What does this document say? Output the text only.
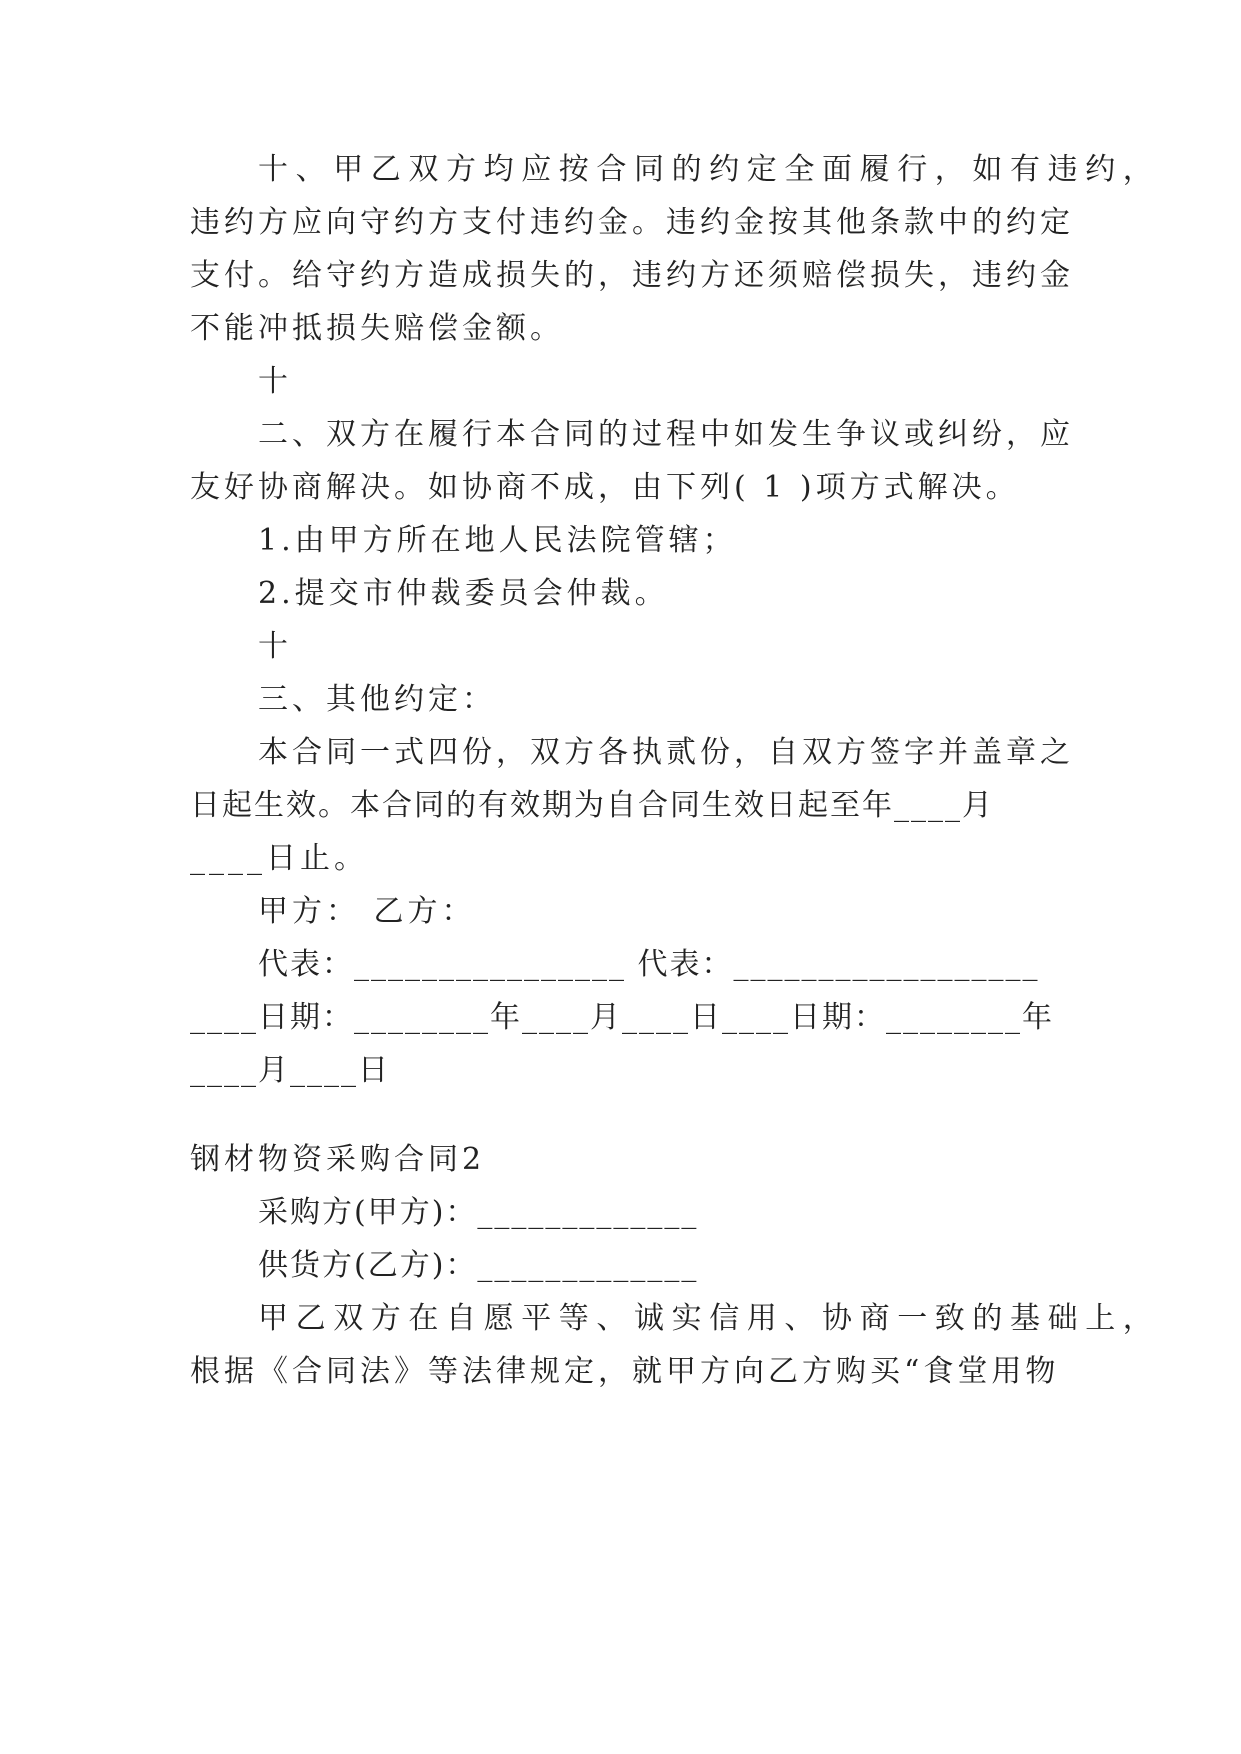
十、甲乙双方均应按合同的约定全面履行，如有违约，
违约方应向守约方支付违约金。违约金按其他条款中的约定
支付。给守约方造成损失的，违约方还须赔偿损失，违约金
不能冲抵损失赔偿金额。
十
二、双方在履行本合同的过程中如发生争议或纠纷，应
友好协商解决。如协商不成，由下列( 1 )项方式解决。
1.由甲方所在地人民法院管辖；
2.提交市仲裁委员会仲裁。
十
三、其他约定：
本合同一式四份，双方各执贰份，自双方签字并盖章之
日起生效。本合同的有效期为自合同生效日起至年____月
____日止。
甲方： 乙方：
代表：________________ 代表：__________________
____日期：________年____月____日____日期：________年
____月____日
钢材物资采购合同2
采购方(甲方)：_____________
供货方(乙方)：_____________
甲乙双方在自愿平等、诚实信用、协商一致的基础上，
根据《合同法》等法律规定，就甲方向乙方购买“食堂用物
